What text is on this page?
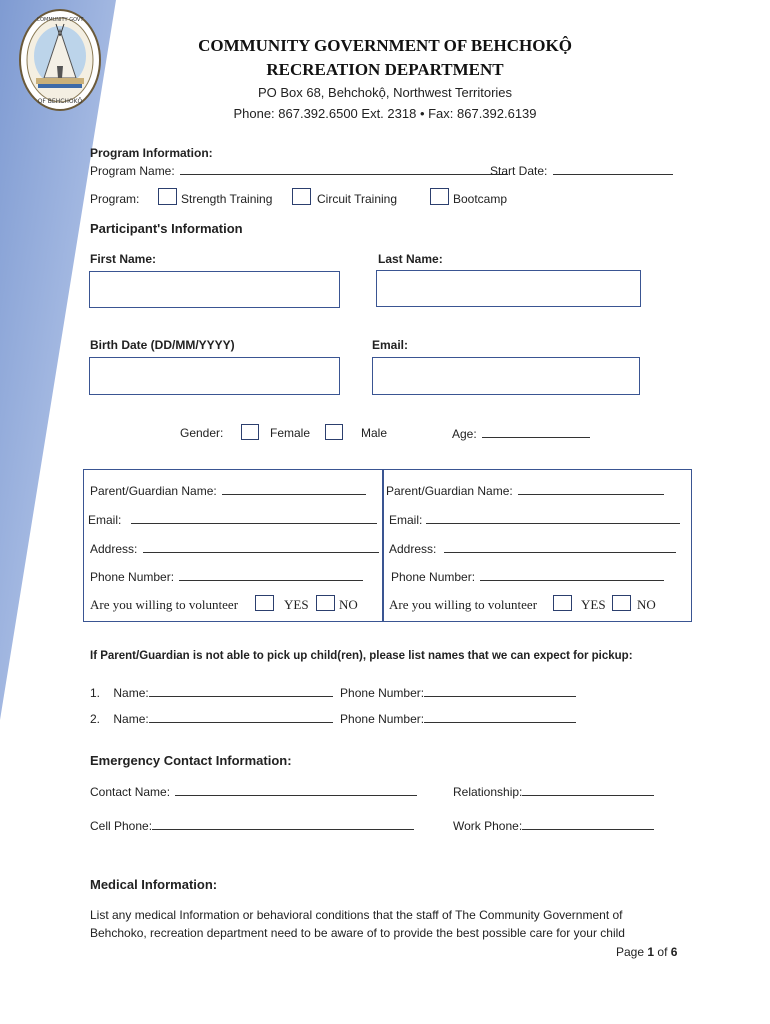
OF BEHCHOKỘ
COMMUNITY GOVT
COMMUNITY GOVERNMENT OF BEHCHOKỘ
RECREATION DEPARTMENT
PO Box 68, Behchokộ, Northwest Territories
Phone: 867.392.6500 Ext. 2318 • Fax: 867.392.6139
Program Information:
Program Name:	Start Date:
Program:	Strength Training	Circuit Training	Bootcamp
Participant's Information
First Name:	Last Name:
Birth Date (DD/MM/YYYY)	Email:
Gender:	Female	Male	Age:
Parent/Guardian Name:
Email:
Address:
Phone Number:
Are you willing to volunteer	YES NO
Parent/Guardian Name:
Email:
Address:
Phone Number:
Are you willing to volunteer	YES NO
If Parent/Guardian is not able to pick up child(ren), please list names that we can expect for pickup:
1. Name:	Phone Number:
2. Name:	Phone Number:
Emergency Contact Information:
Contact Name:	Relationship:
Cell Phone:	Work Phone:
Medical Information:
List any medical Information or behavioral conditions that the staff of The Community Government of
Behchoko, recreation department need to be aware of to provide the best possible care for your child
Page 1 of 6
